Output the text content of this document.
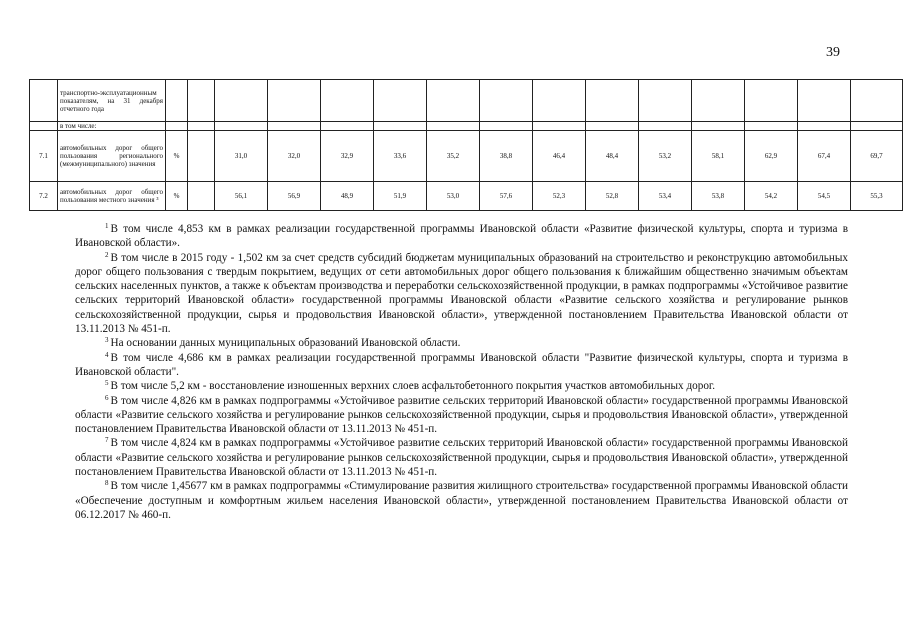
39
	транспортно-эксплуатационным показателям, на 31 декабря отчетного года															
	в том числе:															
7.1	автомобильных дорог общего пользования регионального (межмуниципального) значения	%		31,0	32,0	32,9	33,6	35,2	38,8	46,4	48,4	53,2	58,1	62,9	67,4	69,7
7.2	автомобильных дорог общего пользования местного значения ³	%		56,1	56,9	48,9	51,9	53,0	57,6	52,3	52,8	53,4	53,8	54,2	54,5	55,3

$^1$ В том числе 4,853 км в рамках реализации государственной программы Ивановской области «Развитие физической культуры, спорта и туризма в Ивановской области».

$^2$ В том числе в 2015 году - 1,502 км за счет средств субсидий бюджетам муниципальных образований на строительство и реконструкцию автомобильных дорог общего пользования с твердым покрытием, ведущих от сети автомобильных дорог общего пользования к ближайшим общественно значимым объектам сельских населенных пунктов, а также к объектам производства и переработки сельскохозяйственной продукции, в рамках подпрограммы «Устойчивое развитие сельских территорий Ивановской области» государственной программы Ивановской области «Развитие сельского хозяйства и регулирование рынков сельскохозяйственной продукции, сырья и продовольствия Ивановской области», утвержденной постановлением Правительства Ивановской области от 13.11.2013 № 451-п.

$^3$ На основании данных муниципальных образований Ивановской области.

$^4$ В том числе 4,686 км в рамках реализации государственной программы Ивановской области "Развитие физической культуры, спорта и туризма в Ивановской области".

$^5$ В том числе 5,2 км - восстановление изношенных верхних слоев асфальтобетонного покрытия участков автомобильных дорог.

$^6$ В том числе 4,826 км в рамках подпрограммы «Устойчивое развитие сельских территорий Ивановской области» государственной программы Ивановской области «Развитие сельского хозяйства и регулирование рынков сельскохозяйственной продукции, сырья и продовольствия Ивановской области», утвержденной постановлением Правительства Ивановской области от 13.11.2013 № 451-п.

$^7$ В том числе 4,824 км в рамках подпрограммы «Устойчивое развитие сельских территорий Ивановской области» государственной программы Ивановской области «Развитие сельского хозяйства и регулирование рынков сельскохозяйственной продукции, сырья и продовольствия Ивановской области», утвержденной постановлением Правительства Ивановской области от 13.11.2013 № 451-п.

$^8$ В том числе 1,45677 км в рамках подпрограммы «Стимулирование развития жилищного строительства» государственной программы Ивановской области «Обеспечение доступным и комфортным жильем населения Ивановской области», утвержденной постановлением Правительства Ивановской области от 06.12.2017 № 460-п.
